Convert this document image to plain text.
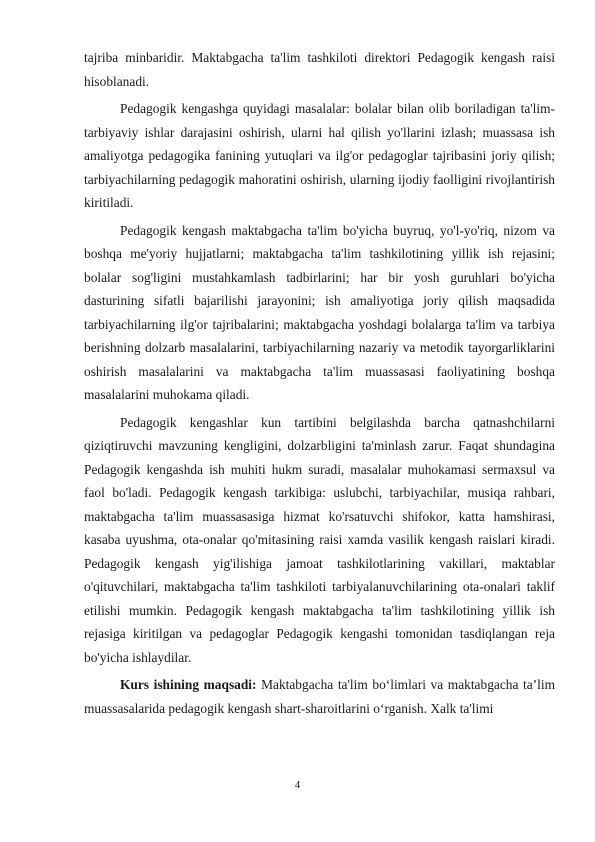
tajriba minbaridir. Maktabgacha ta'lim tashkiloti direktori Pedagogik kengash raisi hisoblanadi.

Pedagogik kengashga quyidagi masalalar: bolalar bilan olib boriladigan ta'lim-tarbiyaviy ishlar darajasini oshirish, ularni hal qilish yo'llarini izlash; muassasa ish amaliyotga pedagogika fanining yutuqlari va ilg'or pedagoglar tajribasini joriy qilish; tarbiyachilarning pedagogik mahoratini oshirish, ularning ijodiy faolligini rivojlantirish kiritiladi.

Pedagogik kengash maktabgacha ta'lim bo'yicha buyruq, yo'l-yo'riq, nizom va boshqa me'yoriy hujjatlarni; maktabgacha ta'lim tashkilotining yillik ish rejasini; bolalar sog'ligini mustahkamlash tadbirlarini; har bir yosh guruhlari bo'yicha dasturining sifatli bajarilishi jarayonini; ish amaliyotiga joriy qilish maqsadida tarbiyachilarning ilg'or tajribalarini; maktabgacha yoshdagi bolalarga ta'lim va tarbiya berishning dolzarb masalalarini, tarbiyachilarning nazariy va metodik tayorgarliklarini oshirish masalalarini va maktabgacha ta'lim muassasasi faoliyatining boshqa masalalarini muhokama qiladi.

Pedagogik kengashlar kun tartibini belgilashda barcha qatnashchilarni qiziqtiruvchi mavzuning kengligini, dolzarbligini ta'minlash zarur. Faqat shundagina Pedagogik kengashda ish muhiti hukm suradi, masalalar muhokamasi sermaxsul va faol bo'ladi. Pedagogik kengash tarkibiga: uslubchi, tarbiyachilar, musiqa rahbari, maktabgacha ta'lim muassasasiga hizmat ko'rsatuvchi shifokor, katta hamshirasi, kasaba uyushma, ota-onalar qo'mitasining raisi xamda vasilik kengash raislari kiradi. Pedagogik kengash yig'ilishiga jamoat tashkilotlarining vakillari, maktablar o'qituvchilari, maktabgacha ta'lim tashkiloti tarbiyalanuvchilarining ota-onalari taklif etilishi mumkin. Pedagogik kengash maktabgacha ta'lim tashkilotining yillik ish rejasiga kiritilgan va pedagoglar Pedagogik kengashi tomonidan tasdiqlangan reja bo'yicha ishlaydilar.

Kurs ishining maqsadi: Maktabgacha ta'lim boʻlimlari va maktabgacha ta’lim muassasalarida pedagogik kengash shart-sharoitlarini o‘rganish. Xalk ta'limi

4
